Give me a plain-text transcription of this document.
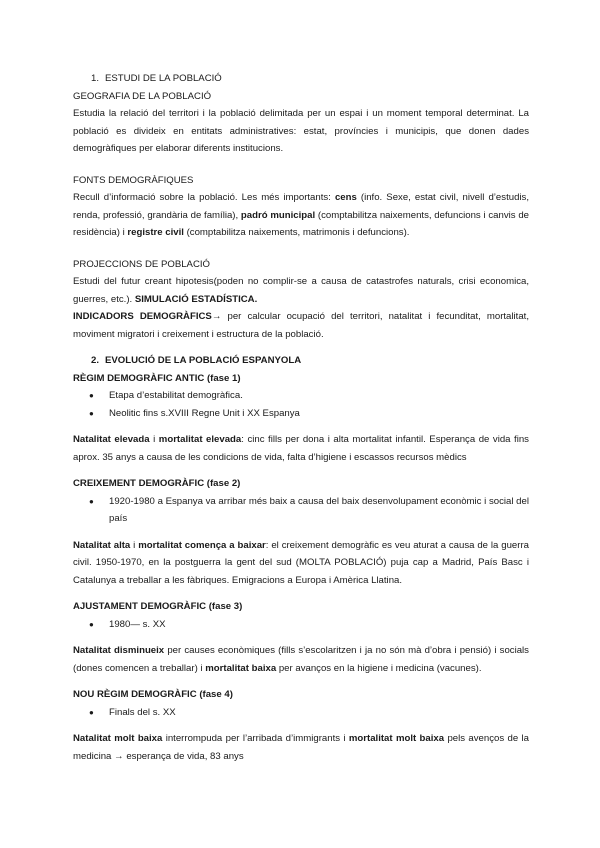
1. ESTUDI DE LA POBLACIÓ

GEOGRAFIA DE LA POBLACIÓ

Estudia la relació del territori i la població delimitada per un espai i un moment temporal determinat. La població es divideix en entitats administratives: estat, províncies i municipis, que donen dades demogràfiques per elaborar diferents institucions.

FONTS DEMOGRÀFIQUES

Recull d’informació sobre la població. Les més importants: cens (info. Sexe, estat civil, nivell d’estudis, renda, professió, grandària de família), padró municipal (comptabilitza naixements, defuncions i canvis de residència) i registre civil (comptabilitza naixements, matrimonis i defuncions).

PROJECCIONS DE POBLACIÓ

Estudi del futur creant hipotesis(poden no complir-se a causa de catastrofes naturals, crisi economica, guerres, etc.). SIMULACIÓ ESTADÍSTICA.

INDICADORS DEMOGRÀFICS→ per calcular ocupació del territori, natalitat i fecunditat, mortalitat, moviment migratori i creixement i estructura de la població.

2. EVOLUCIÓ DE LA POBLACIÓ ESPANYOLA

RÈGIM DEMOGRÀFIC ANTIC (fase 1)

● Etapa d’estabilitat demogràfica.
● Neolitic fins s.XVIII Regne Unit i XX Espanya

Natalitat elevada i mortalitat elevada: cinc fills per dona i alta mortalitat infantil. Esperança de vida fins aprox. 35 anys a causa de les condicions de vida, falta d’higiene i escassos recursos mèdics

CREIXEMENT DEMOGRÀFIC (fase 2)

● 1920-1980 a Espanya va arribar més baix a causa del baix desenvolupament econòmic i social del país

Natalitat alta i mortalitat comença a baixar: el creixement demogràfic es veu aturat a causa de la guerra civil. 1950-1970, en la postguerra la gent del sud (MOLTA POBLACIÓ) puja cap a Madrid, País Basc i Catalunya a treballar a les fàbriques. Emigracions a Europa i Amèrica Llatina.

AJUSTAMENT DEMOGRÀFIC (fase 3)

● 1980— s. XX

Natalitat disminueix per causes econòmiques (fills s’escolaritzen i ja no són mà d’obra i pensió) i socials (dones comencen a treballar) i mortalitat baixa per avanços en la higiene i medicina (vacunes).

NOU RÈGIM DEMOGRÀFIC (fase 4)

● Finals del s. XX

Natalitat molt baixa interrompuda per l’arribada d’immigrants i mortalitat molt baixa pels avenços de la medicina → esperança de vida, 83 anys
